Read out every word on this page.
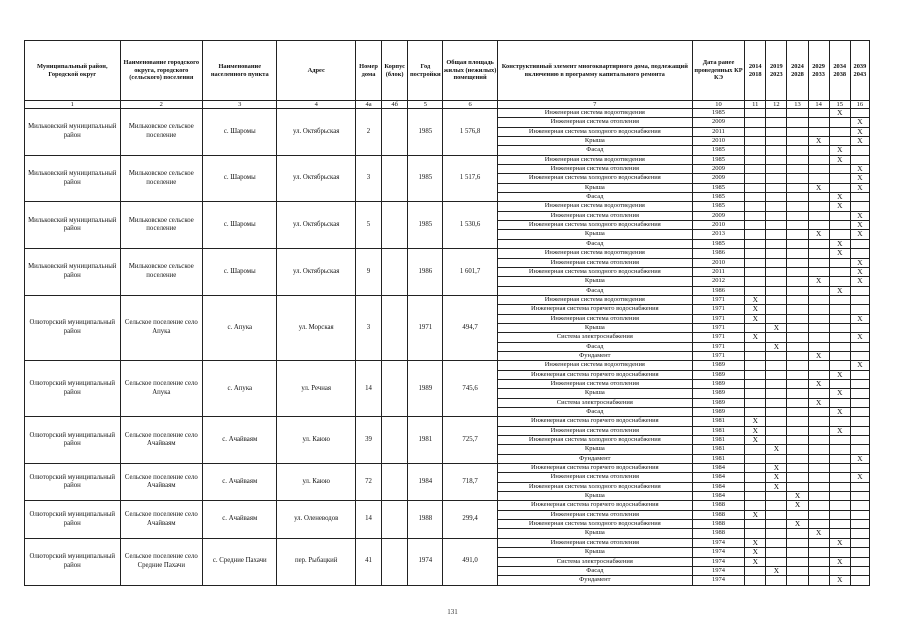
Муниципальный район, Городской округ	Наименование городского округа, городского (сельского) поселения	Наименование населенного пункта	Адрес	Номер дома	Корпус (блок)	Год постройки	Общая площадь жилых (нежилых) помещений	Конструктивный элемент многоквартирного дома, подлежащий включению в программу капитального ремонта	Дата ранее проведенных КР КЭ	2014 2018	2019 2023	2024 2028	2029 2033	2034 2038	2039 2043
1	2	3	4	4а	4б	5	6	7	10	11	12	13	14	15	16
Мильковский муниципальный район	Мильковское сельское поселение	с. Шаромы	ул. Октябрьская	2		1985	1 576,8	Инженерная система водоотведения	1985					X	
								Инженерная система отопления	2009						X
								Инженерная система холодного водоснабжения	2011						X
								Крыша	2010				X		X
								Фасад	1985					X	
Мильковский муниципальный район	Мильковское сельское поселение	с. Шаромы	ул. Октябрьская	3		1985	1 517,6	Инженерная система водоотведения	1985					X	
								Инженерная система отопления	2009						X
								Инженерная система холодного водоснабжения	2009						X
								Крыша	1985				X		X
								Фасад	1985					X	
Мильковский муниципальный район	Мильковское сельское поселение	с. Шаромы	ул. Октябрьская	5		1985	1 530,6	Инженерная система водоотведения	1985					X	
								Инженерная система отопления	2009						X
								Инженерная система холодного водоснабжения	2010						X
								Крыша	2013				X		X
								Фасад	1985					X	
Мильковский муниципальный район	Мильковское сельское поселение	с. Шаромы	ул. Октябрьская	9		1986	1 601,7	Инженерная система водоотведения	1986					X	
								Инженерная система отопления	2010						X
								Инженерная система холодного водоснабжения	2011						X
								Крыша	2012				X		X
								Фасад	1986					X	
Олюторский муниципальный район	Сельское поселение село Апука	с. Апука	ул. Морская	3		1971	494,7	Инженерная система водоотведения	1971	X					
								Инженерная система горячего водоснабжения	1971	X					
								Инженерная система отопления	1971	X					X
								Крыша	1971		X				
								Система электроснабжения	1971	X					X
								Фасад	1971		X				
								Фундамент	1971				X		
Олюторский муниципальный район	Сельское поселение село Апука	с. Апука	ул. Речная	14		1989	745,6	Инженерная система водоотведения	1989						X
								Инженерная система горячего водоснабжения	1989					X	
								Инженерная система отопления	1989				X		
								Крыша	1989					X	
								Система электроснабжения	1989				X		
								Фасад	1989					X	
Олюторский муниципальный район	Сельское поселение село Ачайваям	с. Ачайваям	ул. Каюю	39		1981	725,7	Инженерная система горячего водоснабжения	1981	X					
								Инженерная система отопления	1981	X				X	
								Инженерная система холодного водоснабжения	1981	X					
								Крыша	1981		X				
								Фундамент	1981						X
Олюторский муниципальный район	Сельское поселение село Ачайваям	с. Ачайваям	ул. Каюю	72		1984	718,7	Инженерная система горячего водоснабжения	1984		X				
								Инженерная система отопления	1984		X				X
								Инженерная система холодного водоснабжения	1984		X				
								Крыша	1984			X			
Олюторский муниципальный район	Сельское поселение село Ачайваям	с. Ачайваям	ул. Оленеводов	14		1988	299,4	Инженерная система горячего водоснабжения	1988			X			
								Инженерная система отопления	1988	X					
								Инженерная система холодного водоснабжения	1988			X			
								Крыша	1988				X		
Олюторский муниципальный район	Сельское поселение село Средние Пахачи	с. Средние Пахачи	пер. Рыбацкий	41		1974	491,0	Инженерная система отопления	1974	X				X	
								Крыша	1974	X					
								Система электроснабжения	1974	X				X	
								Фасад	1974		X				
								Фундамент	1974					X	
131
